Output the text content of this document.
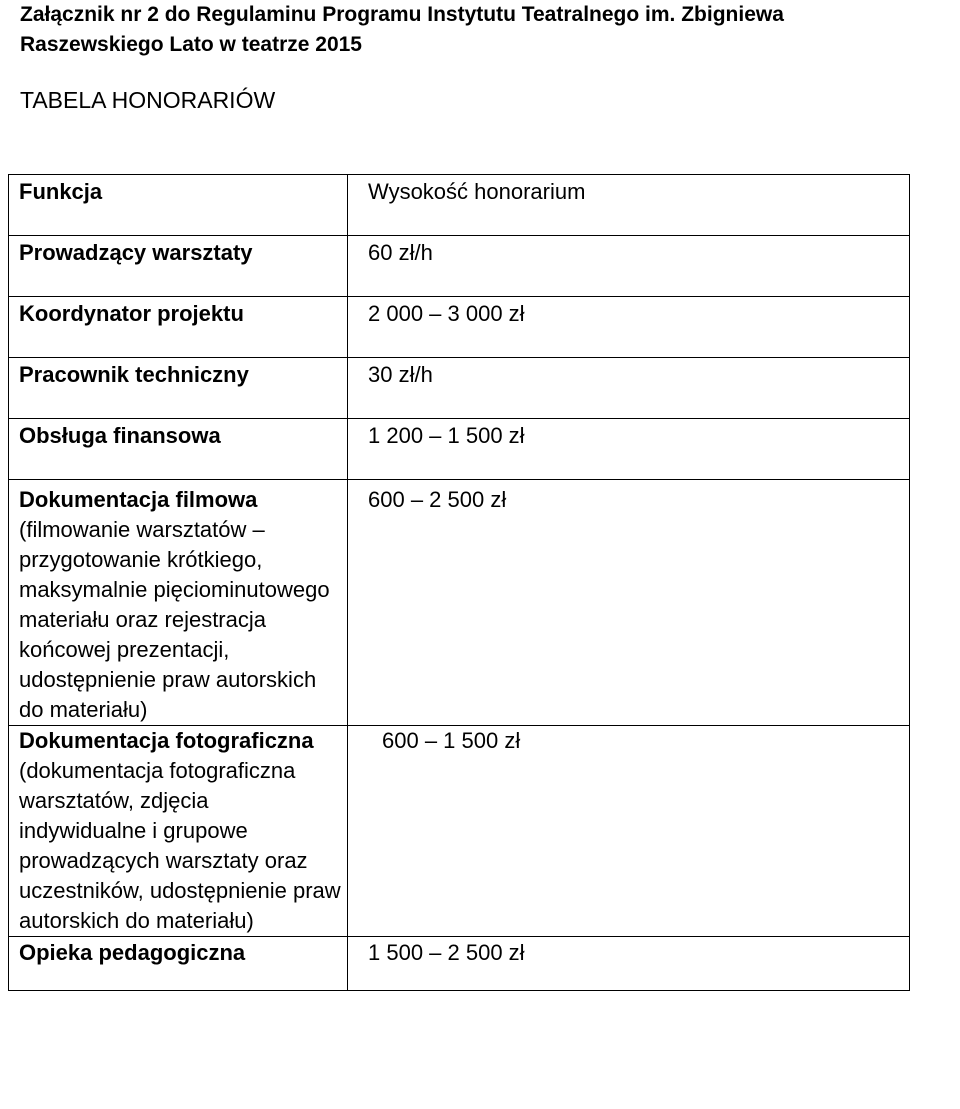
Załącznik nr 2 do Regulaminu Programu Instytutu Teatralnego im. Zbigniewa
Raszewskiego Lato w teatrze 2015
TABELA HONORARIÓW
Funkcja	Wysokość honorarium

Prowadzący warsztaty	60 zł/h

Koordynator projektu	2 000 – 3 000 zł

Pracownik techniczny	30 zł/h

Obsługa finansowa	1 200 – 1 500 zł

Dokumentacja filmowa
(filmowanie warsztatów – przygotowanie krótkiego, maksymalnie pięciominutowego materiału oraz rejestracja końcowej prezentacji, udostępnienie praw autorskich do materiału)	600 – 2 500 zł

Dokumentacja fotograficzna
(dokumentacja fotograficzna warsztatów, zdjęcia indywidualne i grupowe prowadzących warsztaty oraz uczestników, udostępnienie praw autorskich do materiału)	600 – 1 500 zł

Opieka pedagogiczna	1 500 – 2 500 zł
